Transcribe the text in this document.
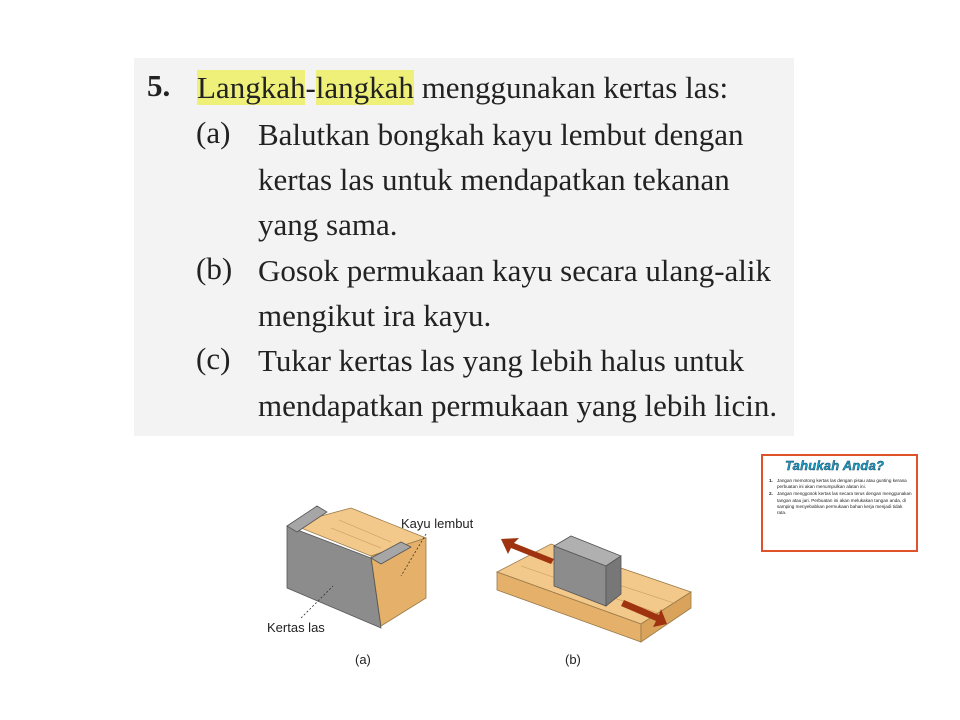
5. Langkah-langkah menggunakan kertas las:
(a) Balutkan bongkah kayu lembut dengan
kertas las untuk mendapatkan tekanan
yang sama.
(b) Gosok permukaan kayu secara ulang-alik
mengikut ira kayu.
(c) Tukar kertas las yang lebih halus untuk
mendapatkan permukaan yang lebih licin.
Kayu lembut
Kertas las
(a)	(b)
Tahukah Anda?
1. Jangan memotong kertas las dengan pisau atau gunting kerana perbuatan ini akan menumpulkan alatan ini.
2. Jangan menggosok kertas las secara terus dengan menggunakan tangan atau jari. Perbuatan ini akan melukakan tangan anda, di samping menyebabkan permukaan bahan kerja menjadi tidak rata.
